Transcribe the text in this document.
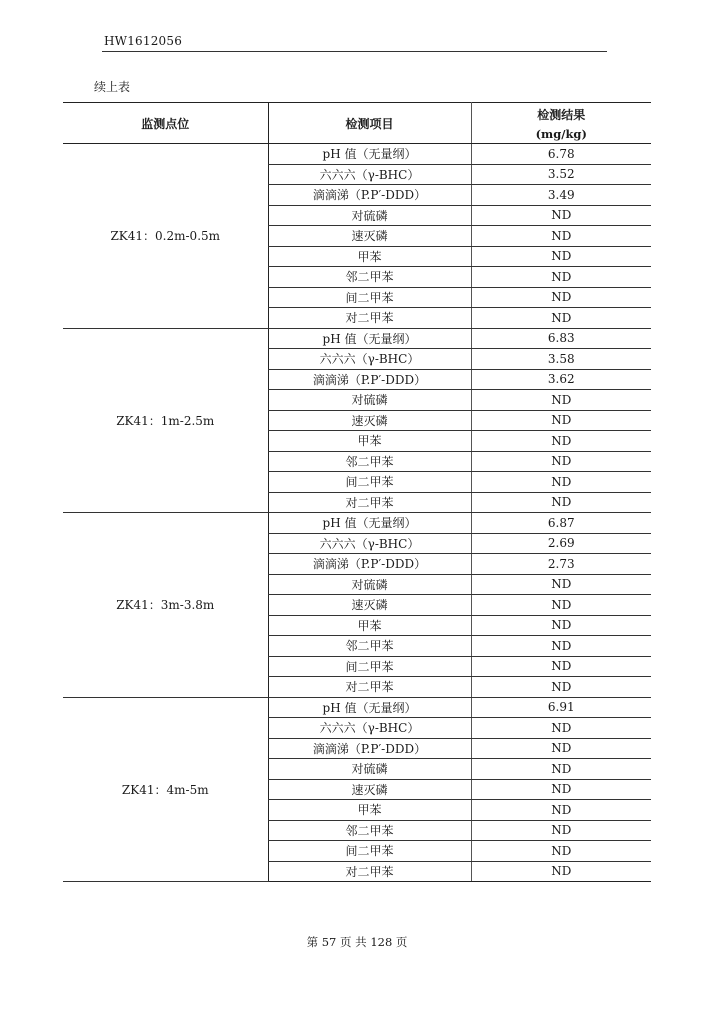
HW1612056
续上表
监测点位	检测项目	检测结果
(mg/kg)

ZK41：0.2m-0.5m	pH 值（无量纲）	6.78
	六六六（γ-BHC）	3.52
	滴滴涕（P.P′-DDD）	3.49
	对硫磷	ND
	速灭磷	ND
	甲苯	ND
	邻二甲苯	ND
	间二甲苯	ND
	对二甲苯	ND
ZK41：1m-2.5m	pH 值（无量纲）	6.83
	六六六（γ-BHC）	3.58
	滴滴涕（P.P′-DDD）	3.62
	对硫磷	ND
	速灭磷	ND
	甲苯	ND
	邻二甲苯	ND
	间二甲苯	ND
	对二甲苯	ND
ZK41：3m-3.8m	pH 值（无量纲）	6.87
	六六六（γ-BHC）	2.69
	滴滴涕（P.P′-DDD）	2.73
	对硫磷	ND
	速灭磷	ND
	甲苯	ND
	邻二甲苯	ND
	间二甲苯	ND
	对二甲苯	ND
ZK41：4m-5m	pH 值（无量纲）	6.91
	六六六（γ-BHC）	ND
	滴滴涕（P.P′-DDD）	ND
	对硫磷	ND
	速灭磷	ND
	甲苯	ND
	邻二甲苯	ND
	间二甲苯	ND
	对二甲苯	ND
第 57 页 共 128 页
